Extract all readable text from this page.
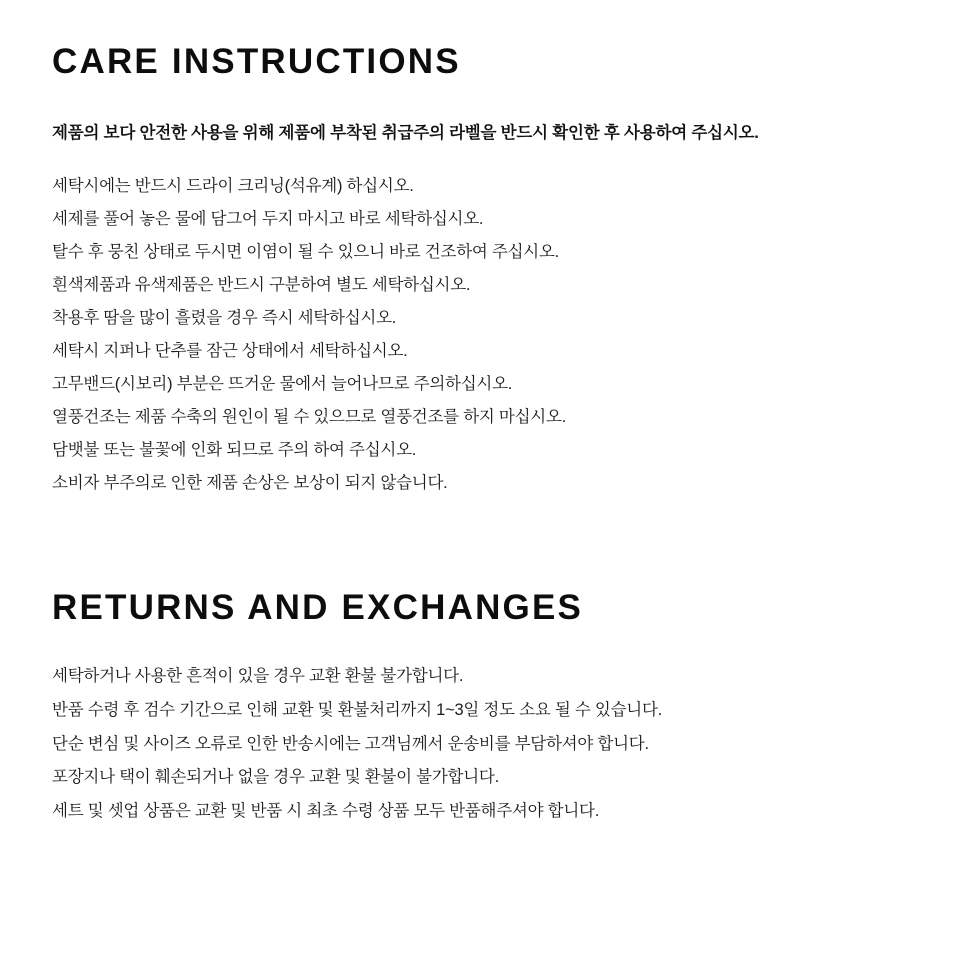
CARE INSTRUCTIONS

제품의 보다 안전한 사용을 위해 제품에 부착된 취급주의 라벨을 반드시 확인한 후 사용하여 주십시오.

세탁시에는 반드시 드라이 크리닝(석유계) 하십시오.
세제를 풀어 놓은 물에 담그어 두지 마시고 바로 세탁하십시오.
탈수 후 뭉친 상태로 두시면 이염이 될 수 있으니 바로 건조하여 주십시오.
흰색제품과 유색제품은 반드시 구분하여 별도 세탁하십시오.
착용후 땀을 많이 흘렸을 경우 즉시 세탁하십시오.
세탁시 지퍼나 단추를 잠근 상태에서 세탁하십시오.
고무밴드(시보리) 부분은 뜨거운 물에서 늘어나므로 주의하십시오.
열풍건조는 제품 수축의 원인이 될 수 있으므로 열풍건조를 하지 마십시오.
담뱃불 또는 불꽃에 인화 되므로 주의 하여 주십시오.
소비자 부주의로 인한 제품 손상은 보상이 되지 않습니다.
RETURNS AND EXCHANGES
세탁하거나 사용한 흔적이 있을 경우 교환 환불 불가합니다.
반품 수령 후 검수 기간으로 인해 교환 및 환불처리까지 1~3일 정도 소요 될 수 있습니다.
단순 변심 및 사이즈 오류로 인한 반송시에는 고객님께서 운송비를 부담하셔야 합니다.
포장지나 택이 훼손되거나 없을 경우 교환 및 환불이 불가합니다.
세트 및 셋업 상품은 교환 및 반품 시 최초 수령 상품 모두 반품해주셔야 합니다.
